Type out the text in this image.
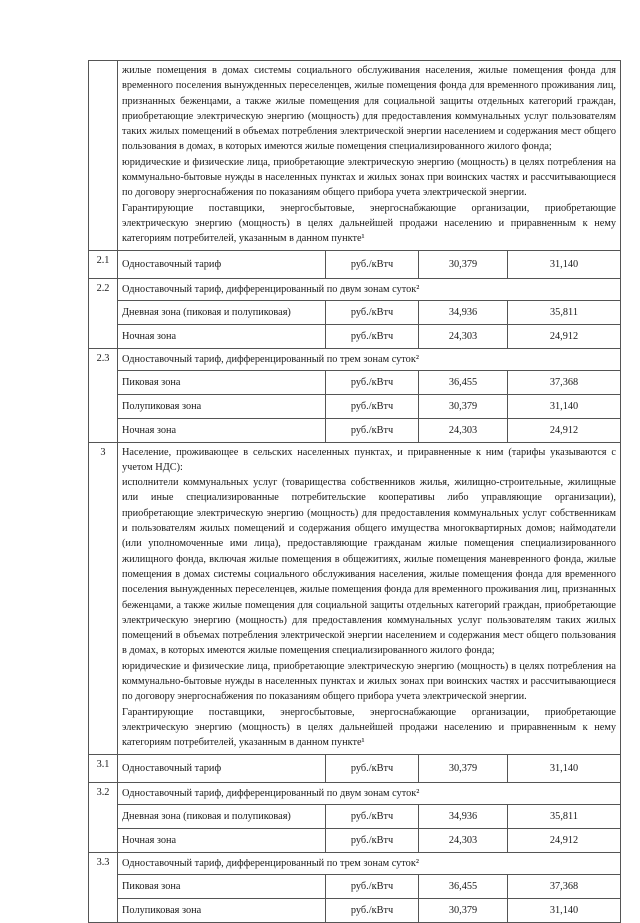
	жилые помещения в домах системы социального обслуживания населения, жилые помещения фонда для временного поселения вынужденных переселенцев, жилые помещения фонда для временного проживания лиц, признанных беженцами, а также жилые помещения для социальной защиты отдельных категорий граждан, приобретающие электрическую энергию (мощность) для предоставления коммунальных услуг пользователям таких жилых помещений в объемах потребления электрической энергии населением и содержания мест общего пользования в домах, в которых имеются жилые помещения специализированного жилого фонда;

юридические и физические лица, приобретающие электрическую энергию (мощность) в целях потребления на коммунально-бытовые нужды в населенных пунктах и жилых зонах при воинских частях и рассчитывающиеся по договору энергоснабжения по показаниям общего прибора учета электрической энергии.

Гарантирующие поставщики, энергосбытовые, энергоснабжающие организации, приобретающие электрическую энергию (мощность) в целях дальнейшей продажи населению и приравненным к нему категориям потребителей, указанным в данном пункте¹			

2.1	Одноставочный тариф	руб./кВтч	30,379	31,140
2.2	Одноставочный тариф, дифференцированный по двум зонам суток²			
	Дневная зона (пиковая и полупиковая)	руб./кВтч	34,936	35,811
	Ночная зона	руб./кВтч	24,303	24,912
2.3	Одноставочный тариф, дифференцированный по трем зонам суток²			
	Пиковая зона	руб./кВтч	36,455	37,368
	Полупиковая зона	руб./кВтч	30,379	31,140
	Ночная зона	руб./кВтч	24,303	24,912
3	Население, проживающее в сельских населенных пунктах, и приравненные к ним (тарифы указываются с учетом НДС):

исполнители коммунальных услуг (товарищества собственников жилья, жилищно-строительные, жилищные или иные специализированные потребительские кооперативы либо управляющие организации), приобретающие электрическую энергию (мощность) для предоставления коммунальных услуг собственникам и пользователям жилых помещений и содержания общего имущества многоквартирных домов; наймодатели (или уполномоченные ими лица), предоставляющие гражданам жилые помещения специализированного жилищного фонда, включая жилые помещения в общежитиях, жилые помещения маневренного фонда, жилые помещения в домах системы социального обслуживания населения, жилые помещения фонда для временного поселения вынужденных переселенцев, жилые помещения фонда для временного проживания лиц, признанных беженцами, а также жилые помещения для социальной защиты отдельных категорий граждан, приобретающие электрическую энергию (мощность) для предоставления коммунальных услуг пользователям таких жилых помещений в объемах потребления электрической энергии населением и содержания мест общего пользования в домах, в которых имеются жилые помещения специализированного жилого фонда;

юридические и физические лица, приобретающие электрическую энергию (мощность) в целях потребления на коммунально-бытовые нужды в населенных пунктах и жилых зонах при воинских частях и рассчитывающиеся по договору энергоснабжения по показаниям общего прибора учета электрической энергии.

Гарантирующие поставщики, энергосбытовые, энергоснабжающие организации, приобретающие электрическую энергию (мощность) в целях дальнейшей продажи населению и приравненным к нему категориям потребителей, указанным в данном пункте¹			

3.1	Одноставочный тариф	руб./кВтч	30,379	31,140
3.2	Одноставочный тариф, дифференцированный по двум зонам суток²			
	Дневная зона (пиковая и полупиковая)	руб./кВтч	34,936	35,811
	Ночная зона	руб./кВтч	24,303	24,912
3.3	Одноставочный тариф, дифференцированный по трем зонам суток²			
	Пиковая зона	руб./кВтч	36,455	37,368
	Полупиковая зона	руб./кВтч	30,379	31,140
